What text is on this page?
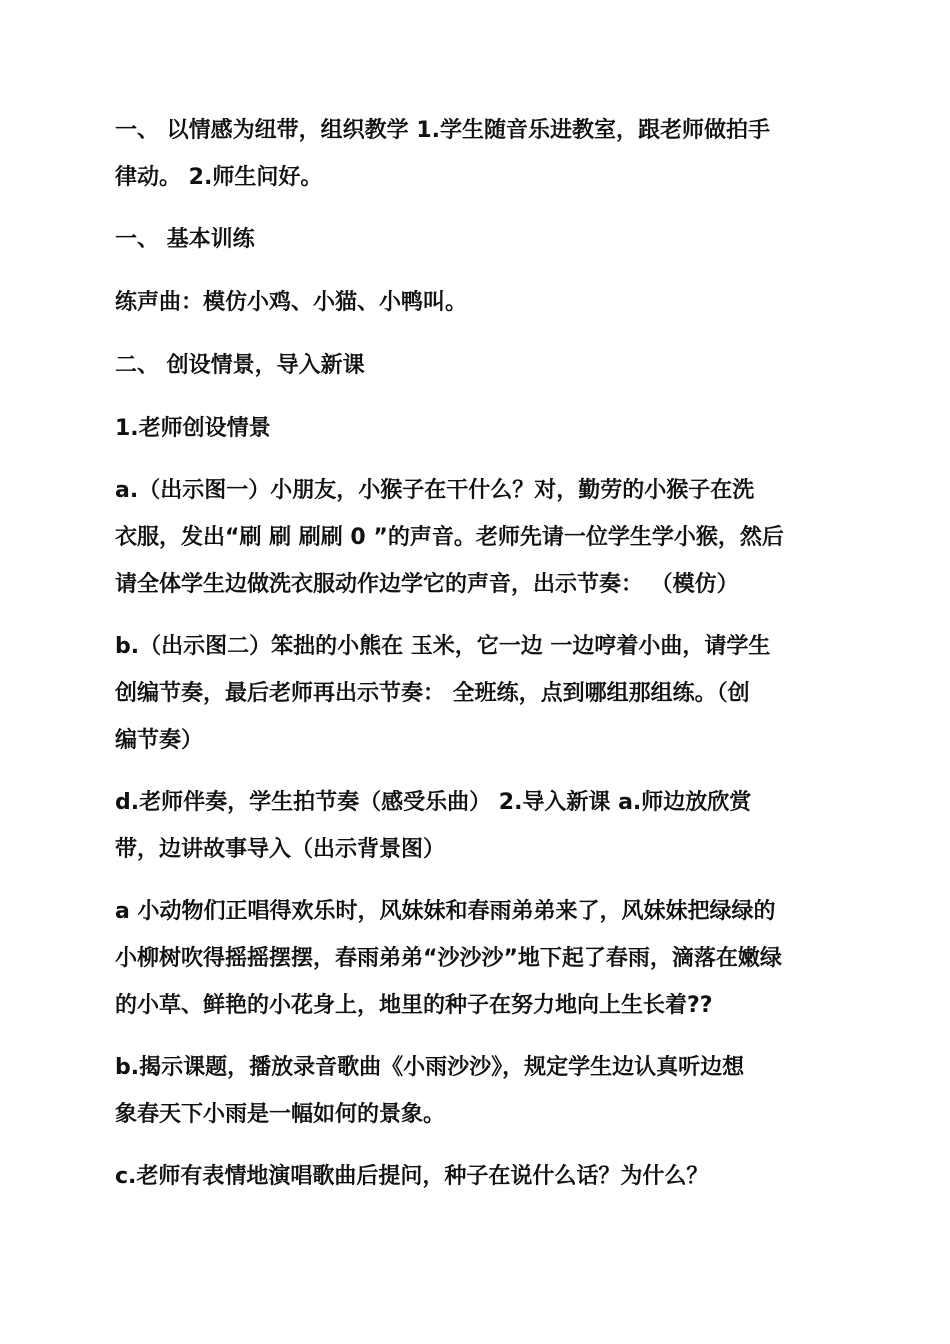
一、 以情感为纽带，组织教学 1.学生随音乐进教室，跟老师做拍手
律动。 2.师生问好。
一、 基本训练
练声曲：模仿小鸡、小猫、小鸭叫。
二、 创设情景，导入新课
1.老师创设情景
a.（出示图一）小朋友，小猴子在干什么？对，勤劳的小猴子在洗
衣服，发出“刷 刷 刷刷 0 ”的声音。老师先请一位学生学小猴，然后
请全体学生边做洗衣服动作边学它的声音，出示节奏： （模仿）
b.（出示图二）笨拙的小熊在 玉米，它一边 一边哼着小曲，请学生
创编节奏，最后老师再出示节奏： 全班练，点到哪组那组练。（创
编节奏）
d.老师伴奏，学生拍节奏（感受乐曲） 2.导入新课 a.师边放欣赏
带，边讲故事导入（出示背景图）
a 小动物们正唱得欢乐时，风妹妹和春雨弟弟来了，风妹妹把绿绿的
小柳树吹得摇摇摆摆，春雨弟弟“沙沙沙”地下起了春雨，滴落在嫩绿
的小草、鲜艳的小花身上，地里的种子在努力地向上生长着??
b.揭示课题，播放录音歌曲《小雨沙沙》，规定学生边认真听边想
象春天下小雨是一幅如何的景象。
c.老师有表情地演唱歌曲后提问，种子在说什么话？为什么？
